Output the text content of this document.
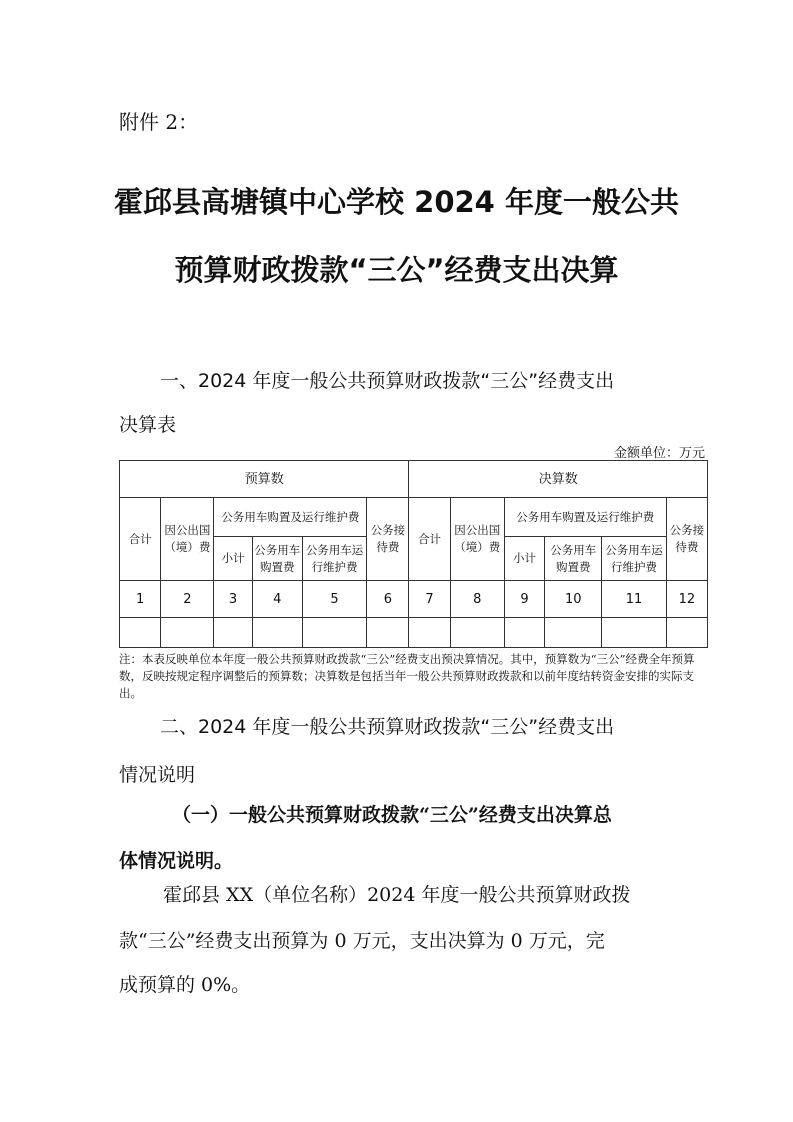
附件 2：
霍邱县高塘镇中心学校 2024 年度一般公共
预算财政拨款“三公”经费支出决算
一、2024 年度一般公共预算财政拨款“三公”经费支出
决算表
金额单位：万元
预算数						决算数					
合计	因公出国（境）费	公务用车购置及运行维护费			公务接待费	合计	因公出国（境）费	公务用车购置及运行维护费			公务接待费
		小计	公务用车购置费	公务用车运行维护费				小计	公务用车购置费	公务用车运行维护费	
1	2	3	4	5	6	7	8	9	10	11	12

注：本表反映单位本年度一般公共预算财政拨款“三公”经费支出预决算情况。其中，预算数为“三公”经费全年预算数，反映按规定程序调整后的预算数；决算数是包括当年一般公共预算财政拨款和以前年度结转资金安排的实际支出。
二、2024 年度一般公共预算财政拨款“三公”经费支出
情况说明
（一）一般公共预算财政拨款“三公”经费支出决算总
体情况说明。
霍邱县 XX（单位名称）2024 年度一般公共预算财政拨
款“三公”经费支出预算为 0 万元，支出决算为 0 万元，完
成预算的 0%。
